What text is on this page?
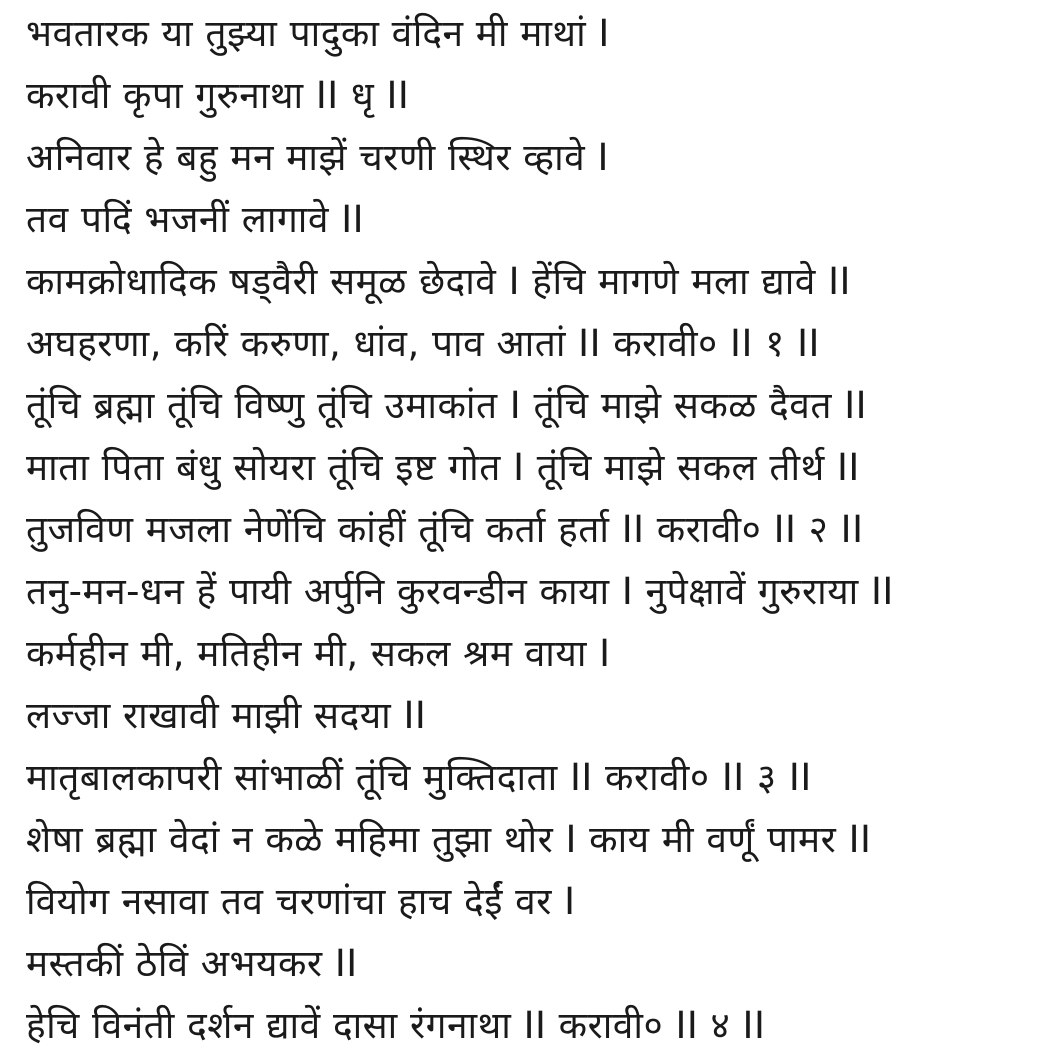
भवतारक या तुझ्या पादुका वंदिन मी माथां I
करावी कृपा गुरुनाथा II धृ II
अनिवार हे बहु मन माझें चरणी स्थिर व्हावे I
तव पदिं भजनीं लागावे II
कामक्रोधादिक षड्वैरी समूळ छेदावे I हेंचि मागणे मला द्यावे II
अघहरणा, करिं करुणा, धांव, पाव आतां II करावी० II १ II
तूंचि ब्रह्मा तूंचि विष्णु तूंचि उमाकांत I तूंचि माझे सकळ दैवत II
माता पिता बंधु सोयरा तूंचि इष्ट गोत I तूंचि माझे सकल तीर्थ II
तुजविण मजला नेणेंचि कांहीं तूंचि कर्ता हर्ता II करावी० II २ II
तनु-मन-धन हें पायी अर्पुनि कुरवन्डीन काया I नुपेक्षावें गुरुराया II
कर्महीन मी, मतिहीन मी, सकल श्रम वाया I
लज्जा राखावी माझी सदया II
मातृबालकापरी सांभाळीं तूंचि मुक्तिदाता II करावी० II ३ II
शेषा ब्रह्मा वेदां न कळे महिमा तुझा थोर I काय मी वर्णूं पामर II
वियोग नसावा तव चरणांचा हाच देईं वर I
मस्तकीं ठेविं अभयकर II
हेचि विनंती दर्शन द्यावें दासा रंगनाथा II करावी० II ४ II
